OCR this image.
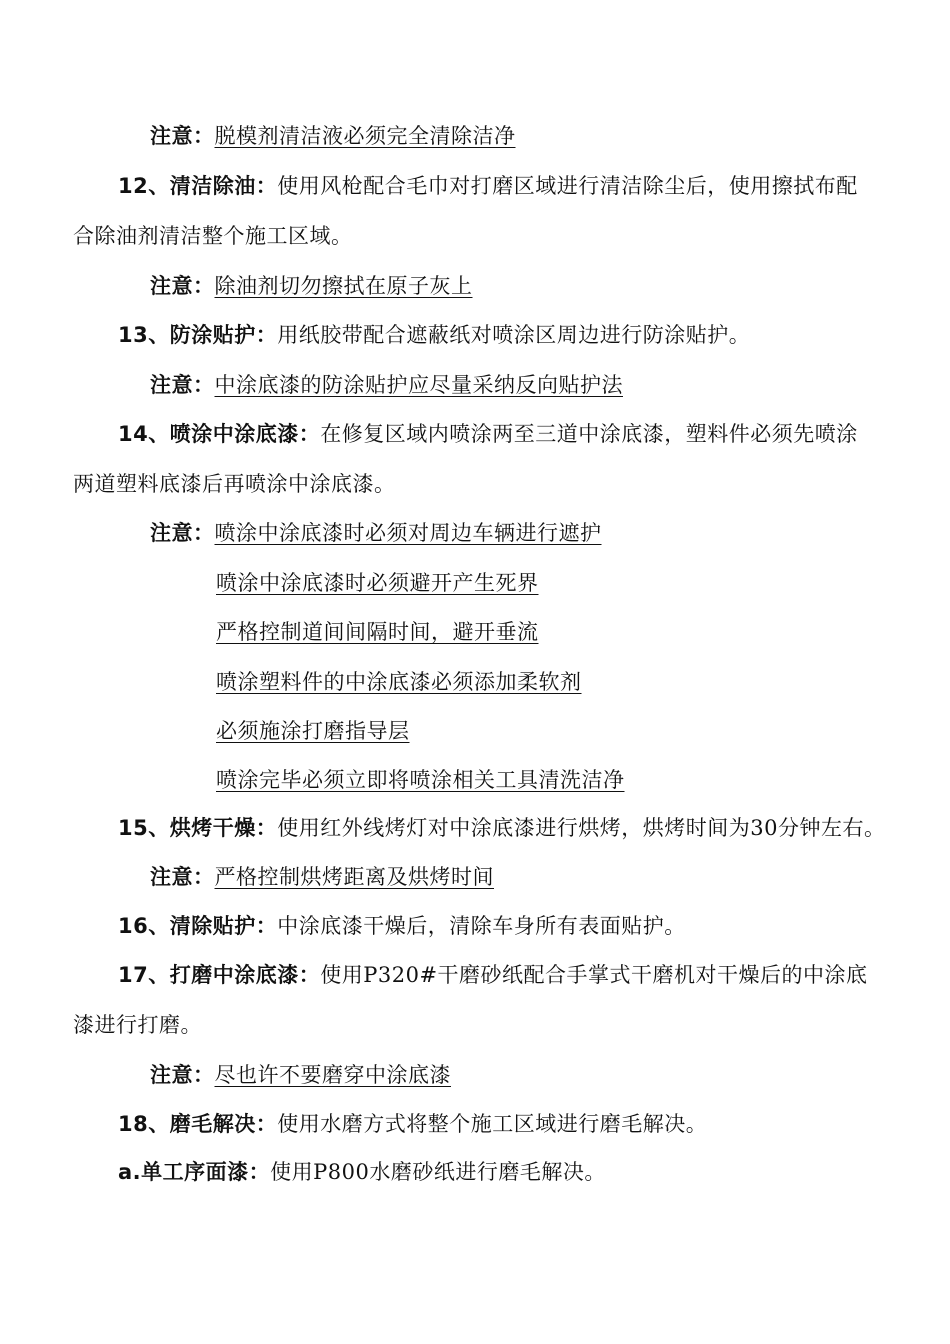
注意：脱模剂清洁液必须完全清除洁净
12、清洁除油：使用风枪配合毛巾对打磨区域进行清洁除尘后，使用擦拭布配
合除油剂清洁整个施工区域。
注意：除油剂切勿擦拭在原子灰上
13、防涂贴护：用纸胶带配合遮蔽纸对喷涂区周边进行防涂贴护。
注意：中涂底漆的防涂贴护应尽量采纳反向贴护法
14、喷涂中涂底漆：在修复区域内喷涂两至三道中涂底漆，塑料件必须先喷涂
两道塑料底漆后再喷涂中涂底漆。
注意：喷涂中涂底漆时必须对周边车辆进行遮护
喷涂中涂底漆时必须避开产生死界
严格控制道间间隔时间，避开垂流
喷涂塑料件的中涂底漆必须添加柔软剂
必须施涂打磨指导层
喷涂完毕必须立即将喷涂相关工具清洗洁净
15、烘烤干燥：使用红外线烤灯对中涂底漆进行烘烤，烘烤时间为30分钟左右。
注意：严格控制烘烤距离及烘烤时间
16、清除贴护：中涂底漆干燥后，清除车身所有表面贴护。
17、打磨中涂底漆：使用P320#干磨砂纸配合手掌式干磨机对干燥后的中涂底
漆进行打磨。
注意：尽也许不要磨穿中涂底漆
18、磨毛解决：使用水磨方式将整个施工区域进行磨毛解决。
a.单工序面漆：使用P800水磨砂纸进行磨毛解决。
